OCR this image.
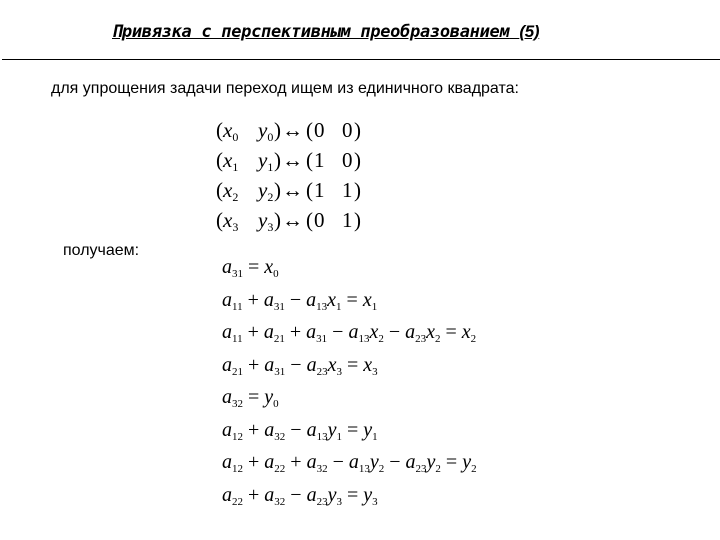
Привязка с перспективным преобразованием (5)
для упрощения задачи переход ищем из единичного квадрата:
( $x_0$ $y_0$ ) ↔ ( 0 0 )
( $x_1$ $y_1$ ) ↔ ( 1 0 )
( $x_2$ $y_2$ ) ↔ ( 1 1 )
( $x_3$ $y_3$ ) ↔ ( 0 1 )
получаем:
$a_{31} = x_0$
$a_{11} + a_{31} - a_{13}x_1 = x_1$
$a_{11} + a_{21} + a_{31} - a_{13}x_2 - a_{23}x_2 = x_2$
$a_{21} + a_{31} - a_{23}x_3 = x_3$
$a_{32} = y_0$
$a_{12} + a_{32} - a_{13}y_1 = y_1$
$a_{12} + a_{22} + a_{32} - a_{13}y_2 - a_{23}y_2 = y_2$
$a_{22} + a_{32} - a_{23}y_3 = y_3$
